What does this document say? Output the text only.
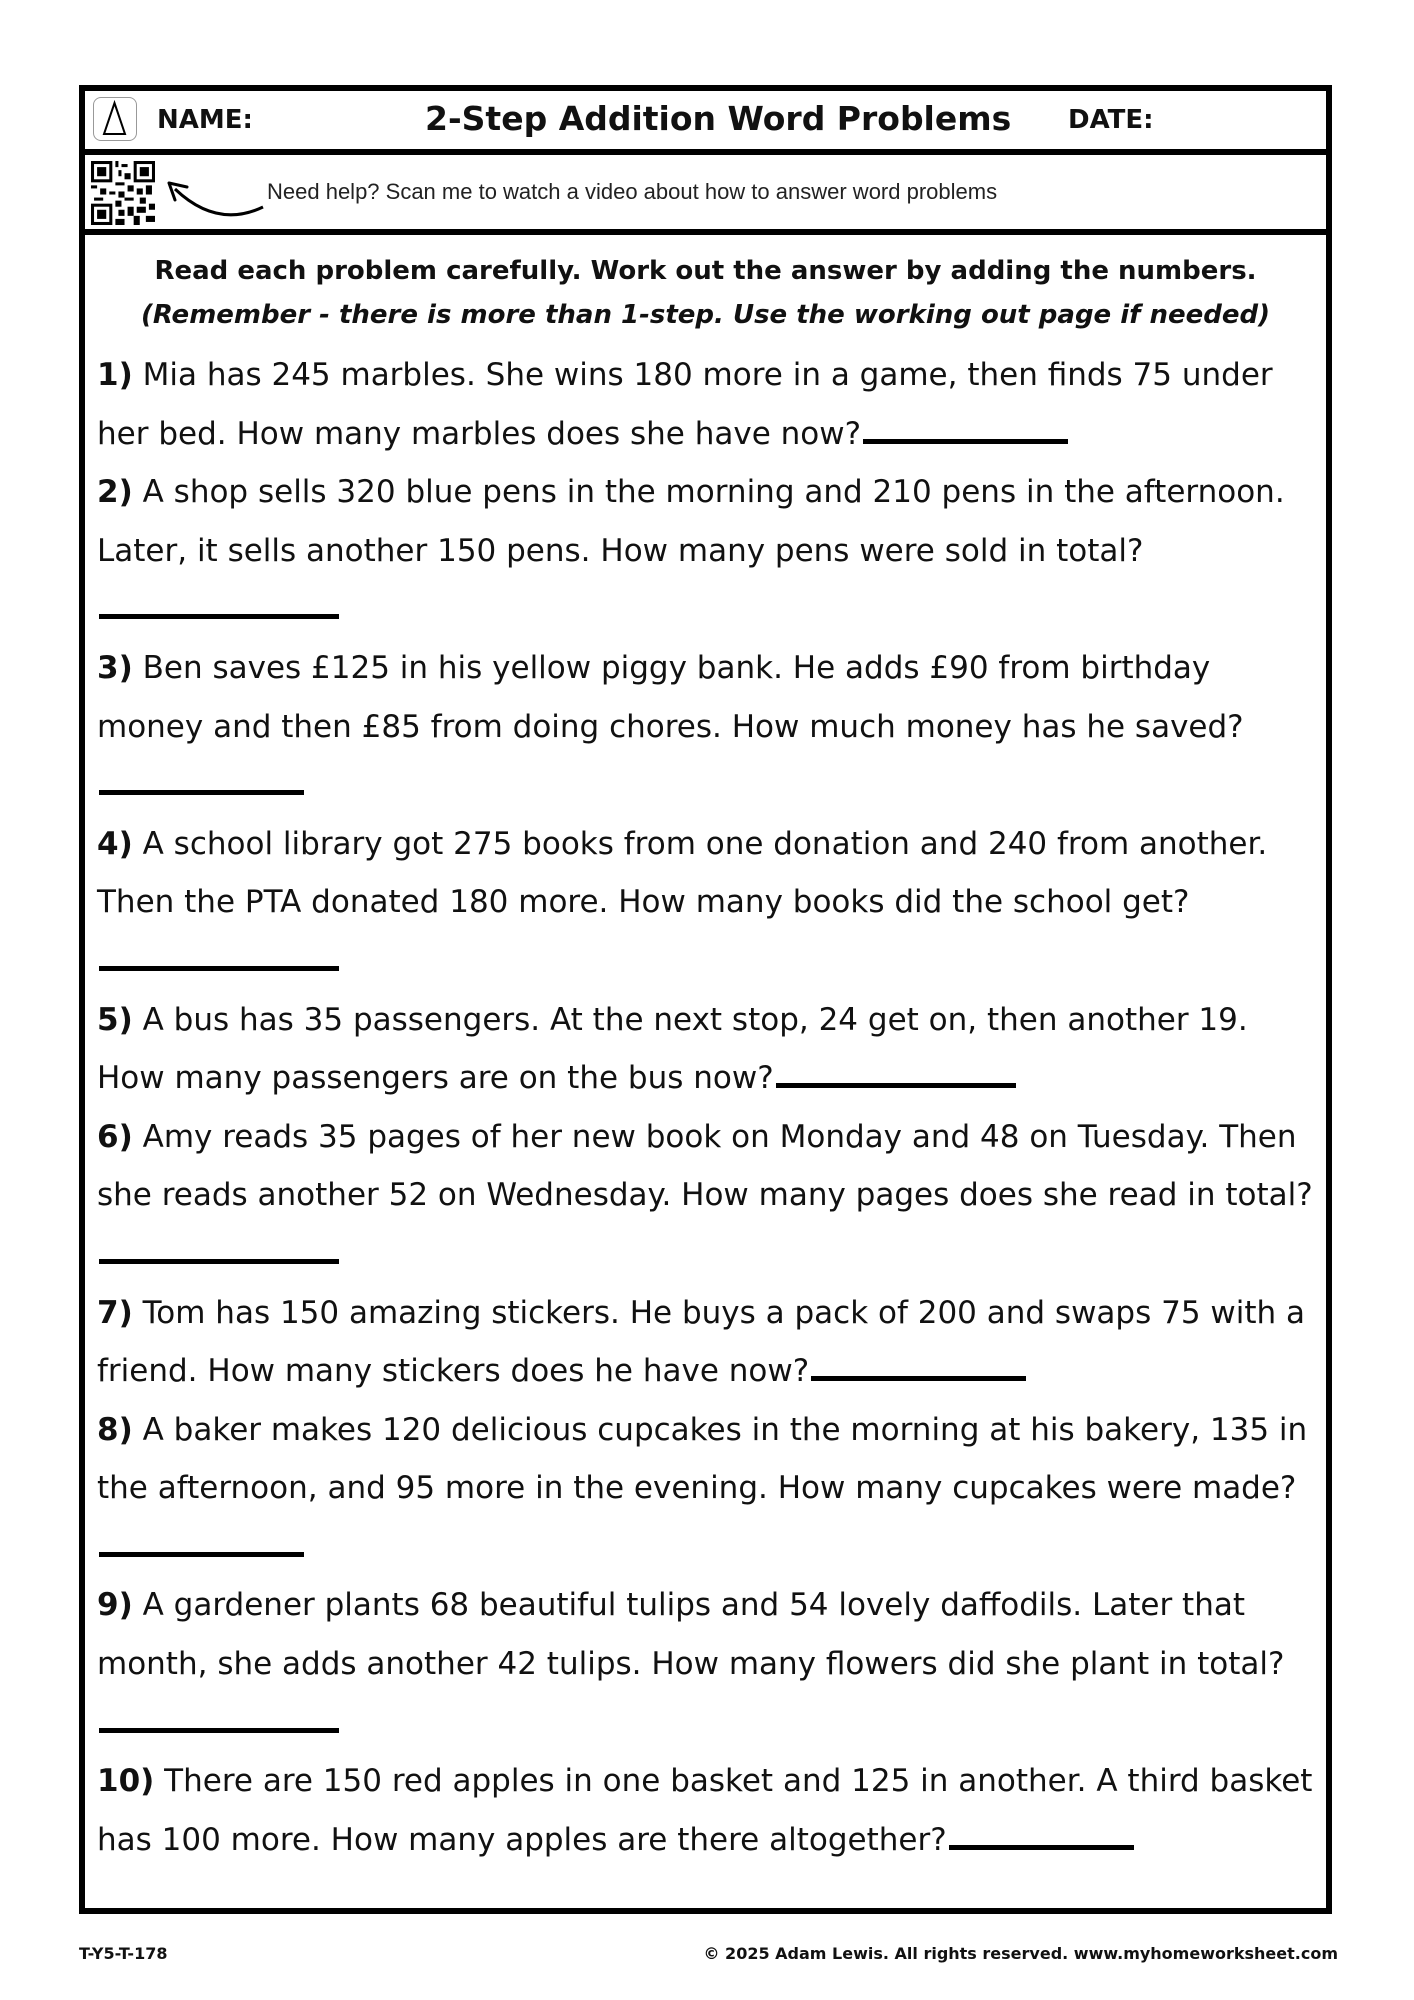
NAME:	2-Step Addition Word Problems DATE:
Need help? Scan me to watch a video about how to answer word problems
Read each problem carefully. Work out the answer by adding the numbers.
(Remember - there is more than 1-step. Use the working out page if needed)

1) Mia has 245 marbles. She wins 180 more in a game, then finds 75 under her bed. How many marbles does she have now?

2) A shop sells 320 blue pens in the morning and 210 pens in the afternoon. Later, it sells another 150 pens. How many pens were sold in total?

3) Ben saves £125 in his yellow piggy bank. He adds £90 from birthday money and then £85 from doing chores. How much money has he saved?

4) A school library got 275 books from one donation and 240 from another. Then the PTA donated 180 more. How many books did the school get?

5) A bus has 35 passengers. At the next stop, 24 get on, then another 19. How many passengers are on the bus now?

6) Amy reads 35 pages of her new book on Monday and 48 on Tuesday. Then she reads another 52 on Wednesday. How many pages does she read in total?

7) Tom has 150 amazing stickers. He buys a pack of 200 and swaps 75 with a friend. How many stickers does he have now?

8) A baker makes 120 delicious cupcakes in the morning at his bakery, 135 in the afternoon, and 95 more in the evening. How many cupcakes were made?

9) A gardener plants 68 beautiful tulips and 54 lovely daffodils. Later that month, she adds another 42 tulips. How many flowers did she plant in total?

10) There are 150 red apples in one basket and 125 in another. A third basket has 100 more. How many apples are there altogether?

T-Y5-T-178	© 2025 Adam Lewis. All rights reserved. www.myhomeworksheet.com
